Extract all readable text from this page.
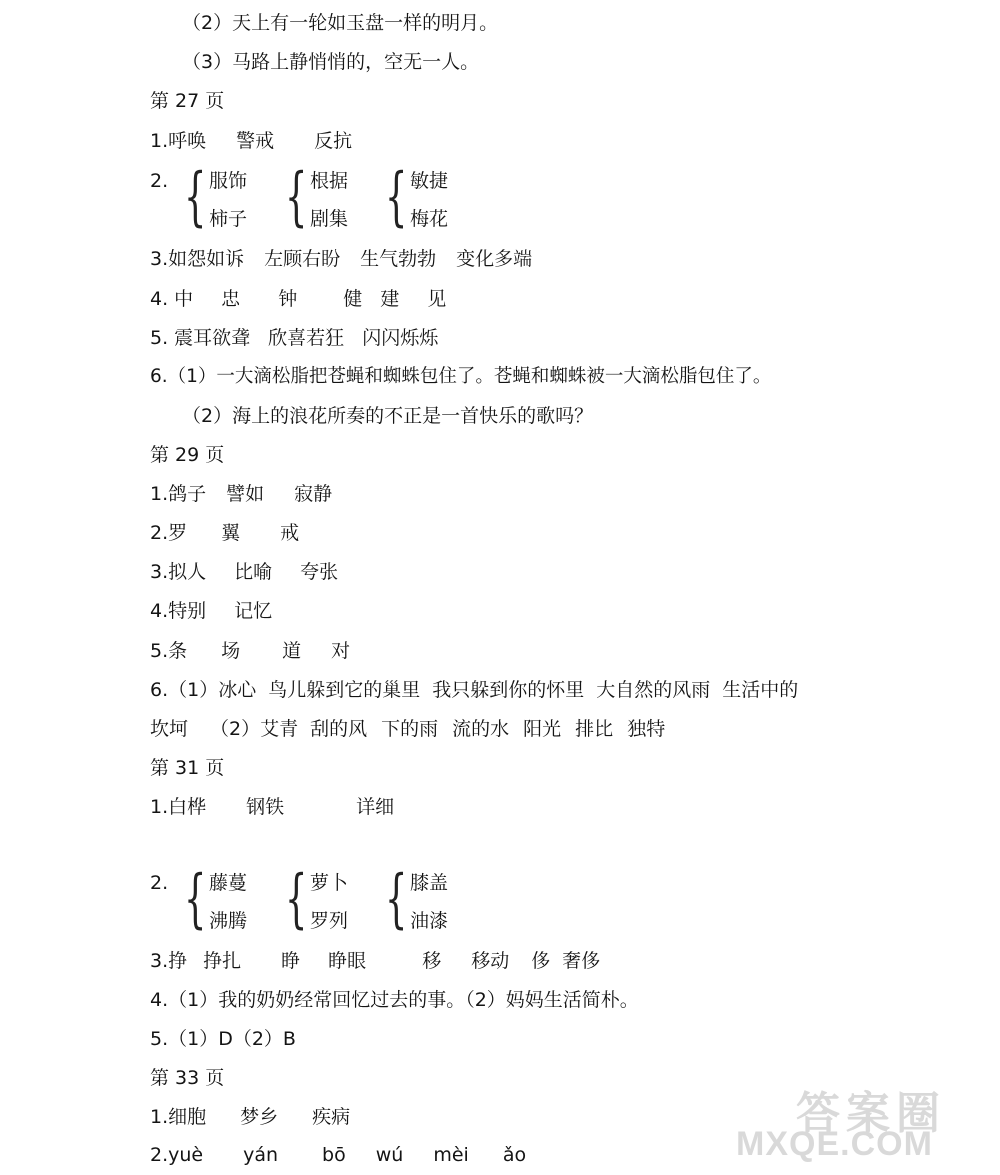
（2）天上有一轮如玉盘一样的明月。
（3）马路上静悄悄的，空无一人。
第 27 页
1.呼唤 警戒 反抗
2. { 服饰
柿子 { 根据
剧集 { 敏捷
梅花
3.如怨如诉 左顾右盼 生气勃勃 变化多端
4. 中 忠 钟 健 建 见
5. 震耳欲聋 欣喜若狂 闪闪烁烁
6.（1）一大滴松脂把苍蝇和蜘蛛包住了。苍蝇和蜘蛛被一大滴松脂包住了。
（2）海上的浪花所奏的不正是一首快乐的歌吗？
第 29 页
1.鸽子 譬如 寂静
2.罗 翼 戒
3.拟人 比喻 夸张
4.特别 记忆
5.条 场 道 对
6.（1）冰心 鸟儿躲到它的巢里 我只躲到你的怀里 大自然的风雨 生活中的
坎坷 （2）艾青 刮的风 下的雨 流的水 阳光 排比 独特
第 31 页
1.白桦 钢铁	详细
2. { 藤蔓
沸腾 { 萝卜
罗列 { 膝盖
油漆
3.挣 挣扎 睁 睁眼	移 移动 侈 奢侈
4.（1）我的奶奶经常回忆过去的事。（2）妈妈生活简朴。
5.（1）D（2）B
第 33 页
1.细胞 梦乡 疾病
2.yuè yán bō wú mèi ǎo
答案圈
MXQE.COM
